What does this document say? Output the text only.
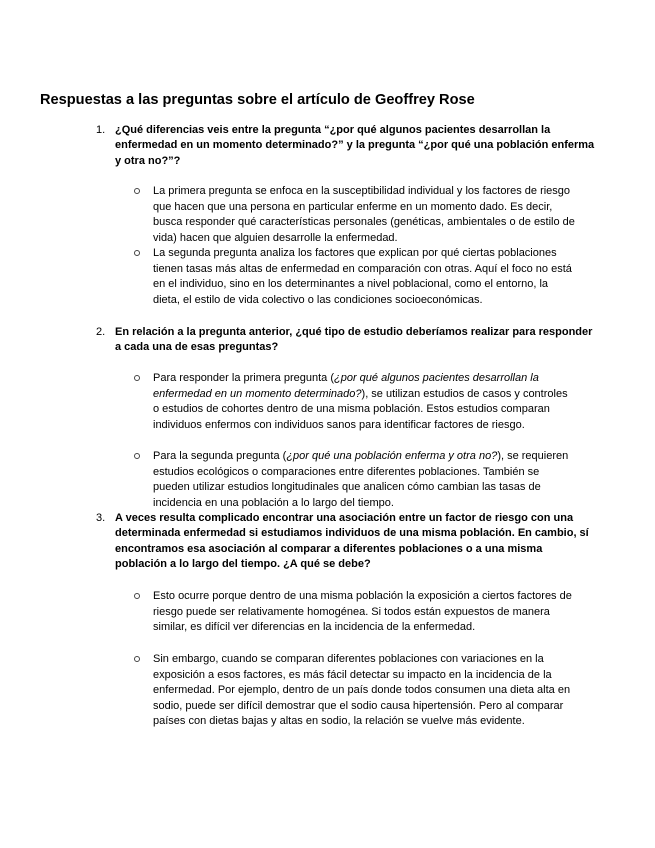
Respuestas a las preguntas sobre el artículo de Geoffrey Rose
1. ¿Qué diferencias veis entre la pregunta “¿por qué algunos pacientes desarrollan la enfermedad en un momento determinado?” y la pregunta “¿por qué una población enferma y otra no?”?
La primera pregunta se enfoca en la susceptibilidad individual y los factores de riesgo que hacen que una persona en particular enferme en un momento dado. Es decir, busca responder qué características personales (genéticas, ambientales o de estilo de vida) hacen que alguien desarrolle la enfermedad.
La segunda pregunta analiza los factores que explican por qué ciertas poblaciones tienen tasas más altas de enfermedad en comparación con otras. Aquí el foco no está en el individuo, sino en los determinantes a nivel poblacional, como el entorno, la dieta, el estilo de vida colectivo o las condiciones socioeconómicas.
2. En relación a la pregunta anterior, ¿qué tipo de estudio deberíamos realizar para responder a cada una de esas preguntas?
Para responder la primera pregunta (¿por qué algunos pacientes desarrollan la enfermedad en un momento determinado?), se utilizan estudios de casos y controles o estudios de cohortes dentro de una misma población. Estos estudios comparan individuos enfermos con individuos sanos para identificar factores de riesgo.
Para la segunda pregunta (¿por qué una población enferma y otra no?), se requieren estudios ecológicos o comparaciones entre diferentes poblaciones. También se pueden utilizar estudios longitudinales que analicen cómo cambian las tasas de incidencia en una población a lo largo del tiempo.
3. A veces resulta complicado encontrar una asociación entre un factor de riesgo con una determinada enfermedad si estudiamos individuos de una misma población. En cambio, sí encontramos esa asociación al comparar a diferentes poblaciones o a una misma población a lo largo del tiempo. ¿A qué se debe?
Esto ocurre porque dentro de una misma población la exposición a ciertos factores de riesgo puede ser relativamente homogénea. Si todos están expuestos de manera similar, es difícil ver diferencias en la incidencia de la enfermedad.
Sin embargo, cuando se comparan diferentes poblaciones con variaciones en la exposición a esos factores, es más fácil detectar su impacto en la incidencia de la enfermedad. Por ejemplo, dentro de un país donde todos consumen una dieta alta en sodio, puede ser difícil demostrar que el sodio causa hipertensión. Pero al comparar países con dietas bajas y altas en sodio, la relación se vuelve más evidente.
